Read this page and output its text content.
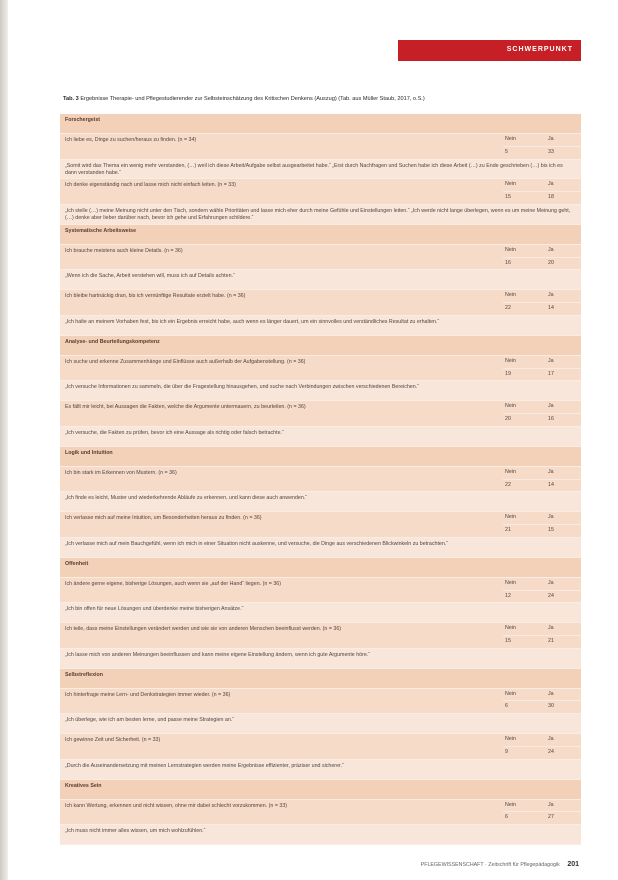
SCHWERPUNKT
Tab. 3 Ergebnisse Therapie- und Pflegestudierender zur Selbsteinschätzung des Kritischen Denkens (Auszug) (Tab. aus Müller Staub, 2017, o.S.)
Forschergeist
Ich liebe es, Dinge zu suchen/heraus zu finden. (n = 34)	Nein	Ja
5	33
„Somit wird das Thema ein wenig mehr verstanden, (…) weil ich diese Arbeit/Aufgabe selbst ausgearbeitet habe.“ „Erst durch Nachfragen und Suchen habe ich diese Arbeit (…) zu Ende geschrieben (…) bis ich es dann verstanden habe.“
Ich denke eigenständig nach und lasse mich nicht einfach leiten. (n = 33)	Nein	Ja
15	18
„Ich stelle (…) meine Meinung nicht unter den Tisch, sondern wähle Prioritäten und lasse mich eher durch meine Gefühle und Einstellungen leiten.“ „Ich werde nicht lange überlegen, wenn es um meine Meinung geht, (…) denke aber lieber darüber nach, bevor ich gehe und Erfahrungen schildere.“
Systematische Arbeitsweise
Ich brauche meistens auch kleine Details. (n = 36)	Nein	Ja
16	20
„Wenn ich die Sache, Arbeit verstehen will, muss ich auf Details achten.“
Ich bleibe hartnäckig dran, bis ich vernünftige Resultate erzielt habe. (n = 36)	Nein	Ja
22	14
„Ich halte an meinem Vorhaben fest, bis ich ein Ergebnis erreicht habe, auch wenn es länger dauert, um ein sinnvolles und verständliches Resultat zu erhalten.“
Analyse- und Beurteilungskompetenz
Ich suche und erkenne Zusammenhänge und Einflüsse auch außerhalb der Aufgabenstellung. (n = 36)	Nein	Ja
19	17
„Ich versuche Informationen zu sammeln, die über die Fragestellung hinausgehen, und suche nach Verbindungen zwischen verschiedenen Bereichen.“
Es fällt mir leicht, bei Aussagen die Fakten, welche die Argumente untermauern, zu beurteilen. (n = 36)	Nein	Ja
20	16
„Ich versuche, die Fakten zu prüfen, bevor ich eine Aussage als richtig oder falsch betrachte.“
Logik und Intuition
Ich bin stark im Erkennen von Mustern. (n = 36)	Nein	Ja
22	14
„Ich finde es leicht, Muster und wiederkehrende Abläufe zu erkennen, und kann diese auch anwenden.“
Ich verlasse mich auf meine Intuition, um Besonderheiten heraus zu finden. (n = 36)	Nein	Ja
21	15
„Ich verlasse mich auf mein Bauchgefühl, wenn ich mich in einer Situation nicht auskenne, und versuche, die Dinge aus verschiedenen Blickwinkeln zu betrachten.“
Offenheit
Ich ändere gerne eigene, bisherige Lösungen, auch wenn sie „auf der Hand“ liegen. (n = 36)	Nein	Ja
12	24
„Ich bin offen für neue Lösungen und überdenke meine bisherigen Ansätze.“
Ich teile, dass meine Einstellungen verändert werden und wie sie von anderen Menschen beeinflusst werden. (n = 36)	Nein	Ja
15	21
„Ich lasse mich von anderen Meinungen beeinflussen und kann meine eigene Einstellung ändern, wenn ich gute Argumente höre.“
Selbstreflexion
Ich hinterfrage meine Lern- und Denkstrategien immer wieder. (n = 36)	Nein	Ja
6	30
„Ich überlege, wie ich am besten lerne, und passe meine Strategien an.“
Ich gewinne Zeit und Sicherheit. (n = 33)	Nein	Ja
9	24
„Durch die Auseinandersetzung mit meinen Lernstrategien werden meine Ergebnisse effizienter, präziser und sicherer.“
Kreatives Sein
Ich kann Wertung, erkennen und nicht wissen, ohne mir dabei schlecht vorzukommen. (n = 33)	Nein	Ja
6	27
„Ich muss nicht immer alles wissen, um mich wohlzufühlen.“
PFLEGEWISSENSCHAFT · Zeitschrift für Pflegepädagogik 201
